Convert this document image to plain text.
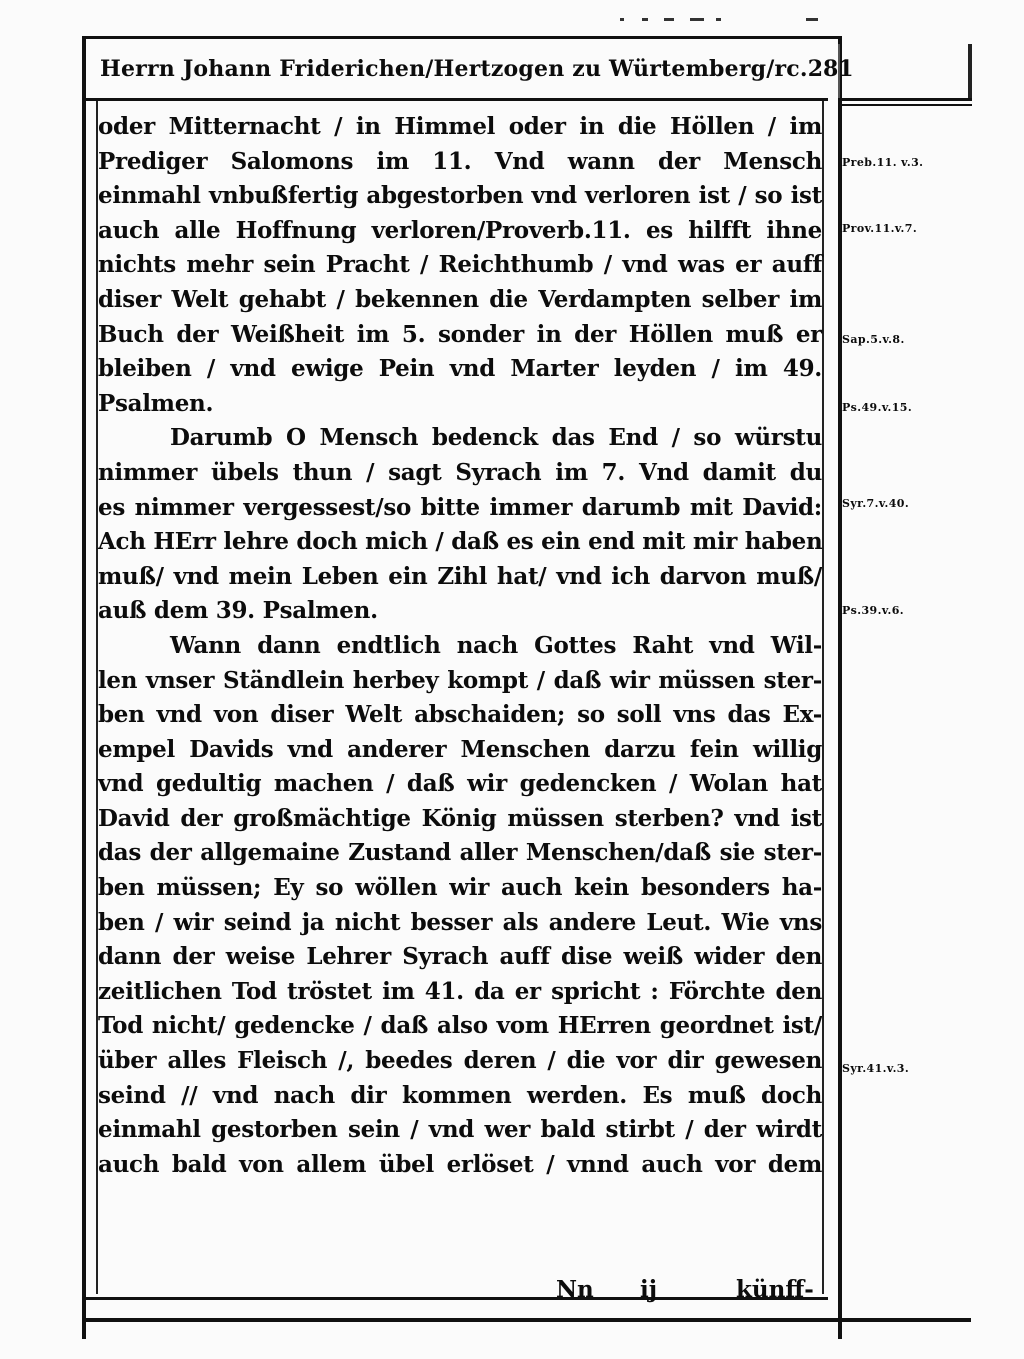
Herrn Johann Friderichen/Hertzogen zu Würtemberg/rc. 281
oder Mitternacht / in Himmel oder in die Höllen / im
Prediger Salomons im 11. Vnd wann der Mensch
einmahl vnbußfertig abgestorben vnd verloren ist / so ist
auch alle Hoffnung verloren/Proverb.11. es hilfft ihne
nichts mehr sein Pracht / Reichthumb / vnd was er auff
diser Welt gehabt / bekennen die Verdampten selber im
Buch der Weißheit im 5. sonder in der Höllen muß er
bleiben / vnd ewige Pein vnd Marter leyden / im 49.
Psalmen.
Darumb O Mensch bedenck das End / so würstu
nimmer übels thun / sagt Syrach im 7. Vnd damit du
es nimmer vergessest/so bitte immer darumb mit David:
Ach HErr lehre doch mich / daß es ein end mit mir haben
muß/ vnd mein Leben ein Zihl hat/ vnd ich darvon muß/
auß dem 39. Psalmen.
Wann dann endtlich nach Gottes Raht vnd Wil-
len vnser Ständlein herbey kompt / daß wir müssen ster-
ben vnd von diser Welt abschaiden; so soll vns das Ex-
empel Davids vnd anderer Menschen darzu fein willig
vnd gedultig machen / daß wir gedencken / Wolan hat
David der großmächtige König müssen sterben? vnd ist
das der allgemaine Zustand aller Menschen/daß sie ster-
ben müssen; Ey so wöllen wir auch kein besonders ha-
ben / wir seind ja nicht besser als andere Leut. Wie vns
dann der weise Lehrer Syrach auff dise weiß wider den
zeitlichen Tod tröstet im 41. da er spricht : Förchte den
Tod nicht/ gedencke / daß also vom HErren geordnet ist/
über alles Fleisch /, beedes deren / die vor dir gewesen
seind // vnd nach dir kommen werden. Es muß doch
einmahl gestorben sein / vnd wer bald stirbt / der wirdt
auch bald von allem übel erlöset / vnnd auch vor dem
Preb.11. v.3.
Prov.11.v.7.
Sap.5.v.8.
Ps.49.v.15.
Syr.7.v.40.
Ps.39.v.6.
Syr.41.v.3.
Nn ij	künff-
